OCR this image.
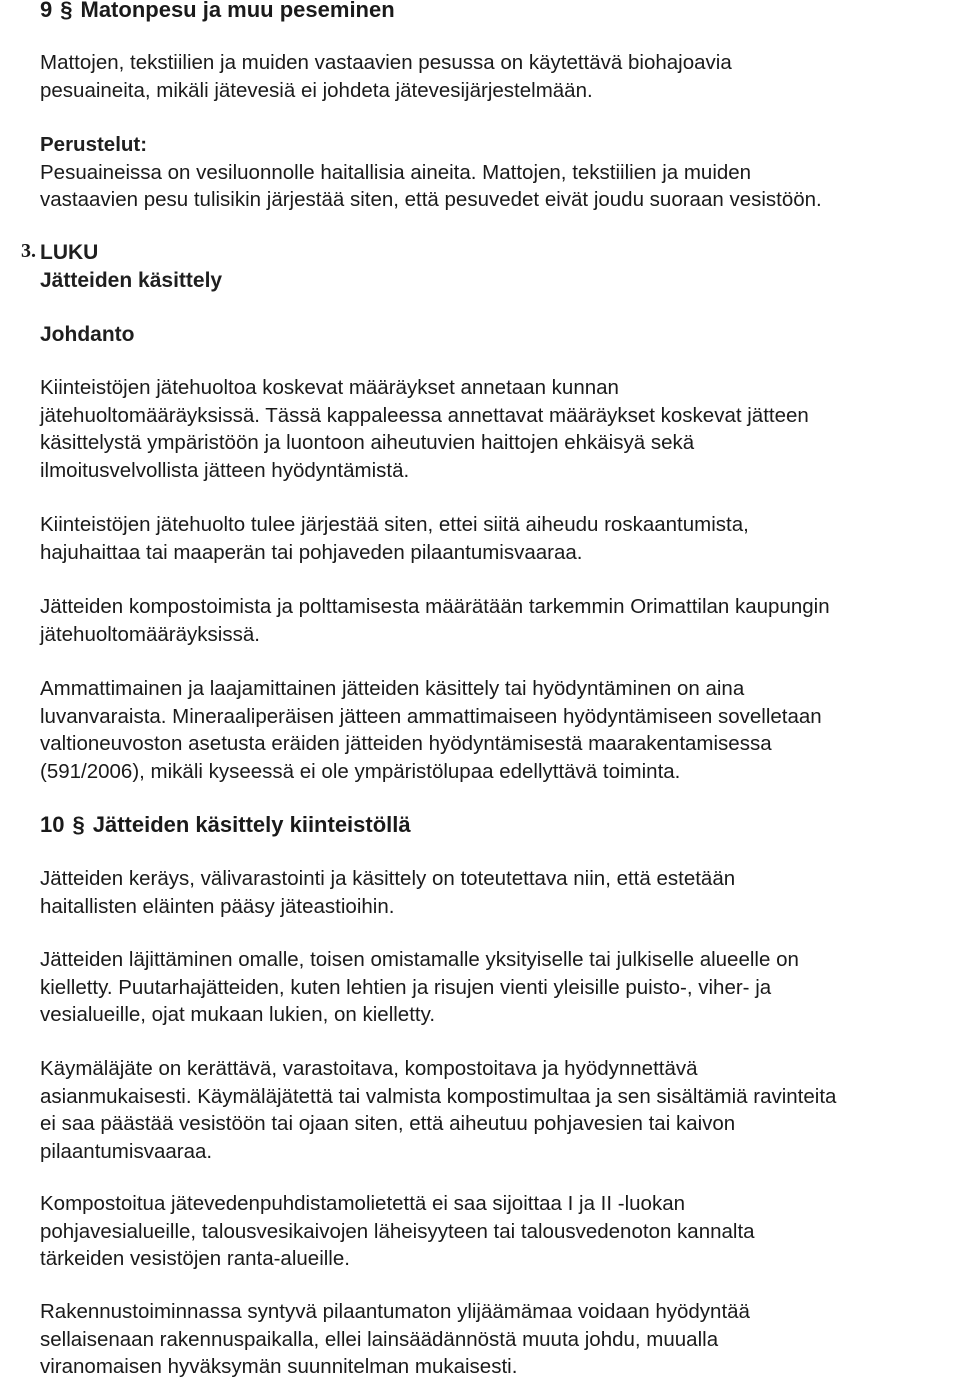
9 § Matonpesu ja muu peseminen
Mattojen, tekstiilien ja muiden vastaavien pesussa on käytettävä biohajoavia
pesuaineita, mikäli jätevesiä ei johdeta jätevesijärjestelmään.
Perustelut:
Pesuaineissa on vesiluonnolle haitallisia aineita. Mattojen, tekstiilien ja muiden
vastaavien pesu tulisikin järjestää siten, että pesuvedet eivät joudu suoraan vesistöön.
3. LUKU
Jätteiden käsittely
Johdanto
Kiinteistöjen jätehuoltoa koskevat määräykset annetaan kunnan
jätehuoltomääräyksissä. Tässä kappaleessa annettavat määräykset koskevat jätteen
käsittelystä ympäristöön ja luontoon aiheutuvien haittojen ehkäisyä sekä
ilmoitusvelvollista jätteen hyödyntämistä.
Kiinteistöjen jätehuolto tulee järjestää siten, ettei siitä aiheudu roskaantumista,
hajuhaittaa tai maaperän tai pohjaveden pilaantumisvaaraa.
Jätteiden kompostoimista ja polttamisesta määrätään tarkemmin Orimattilan kaupungin
jätehuoltomääräyksissä.
Ammattimainen ja laajamittainen jätteiden käsittely tai hyödyntäminen on aina
luvanvaraista. Mineraaliperäisen jätteen ammattimaiseen hyödyntämiseen sovelletaan
valtioneuvoston asetusta eräiden jätteiden hyödyntämisestä maarakentamisessa
(591/2006), mikäli kyseessä ei ole ympäristölupaa edellyttävä toiminta.
10 § Jätteiden käsittely kiinteistöllä
Jätteiden keräys, välivarastointi ja käsittely on toteutettava niin, että estetään
haitallisten eläinten pääsy jäteastioihin.
Jätteiden läjittäminen omalle, toisen omistamalle yksityiselle tai julkiselle alueelle on
kielletty. Puutarhajätteiden, kuten lehtien ja risujen vienti yleisille puisto-, viher- ja
vesialueille, ojat mukaan lukien, on kielletty.
Käymäläjäte on kerättävä, varastoitava, kompostoitava ja hyödynnettävä
asianmukaisesti. Käymäläjätettä tai valmista kompostimultaa ja sen sisältämiä ravinteita
ei saa päästää vesistöön tai ojaan siten, että aiheutuu pohjavesien tai kaivon
pilaantumisvaaraa.
Kompostoitua jätevedenpuhdistamolietettä ei saa sijoittaa I ja II -luokan
pohjavesialueille, talousvesikaivojen läheisyyteen tai talousvedenoton kannalta
tärkeiden vesistöjen ranta-alueille.
Rakennustoiminnassa syntyvä pilaantumaton ylijäämämaa voidaan hyödyntää
sellaisenaan rakennuspaikalla, ellei lainsäädännöstä muuta johdu, muualla
viranomaisen hyväksymän suunnitelman mukaisesti.
